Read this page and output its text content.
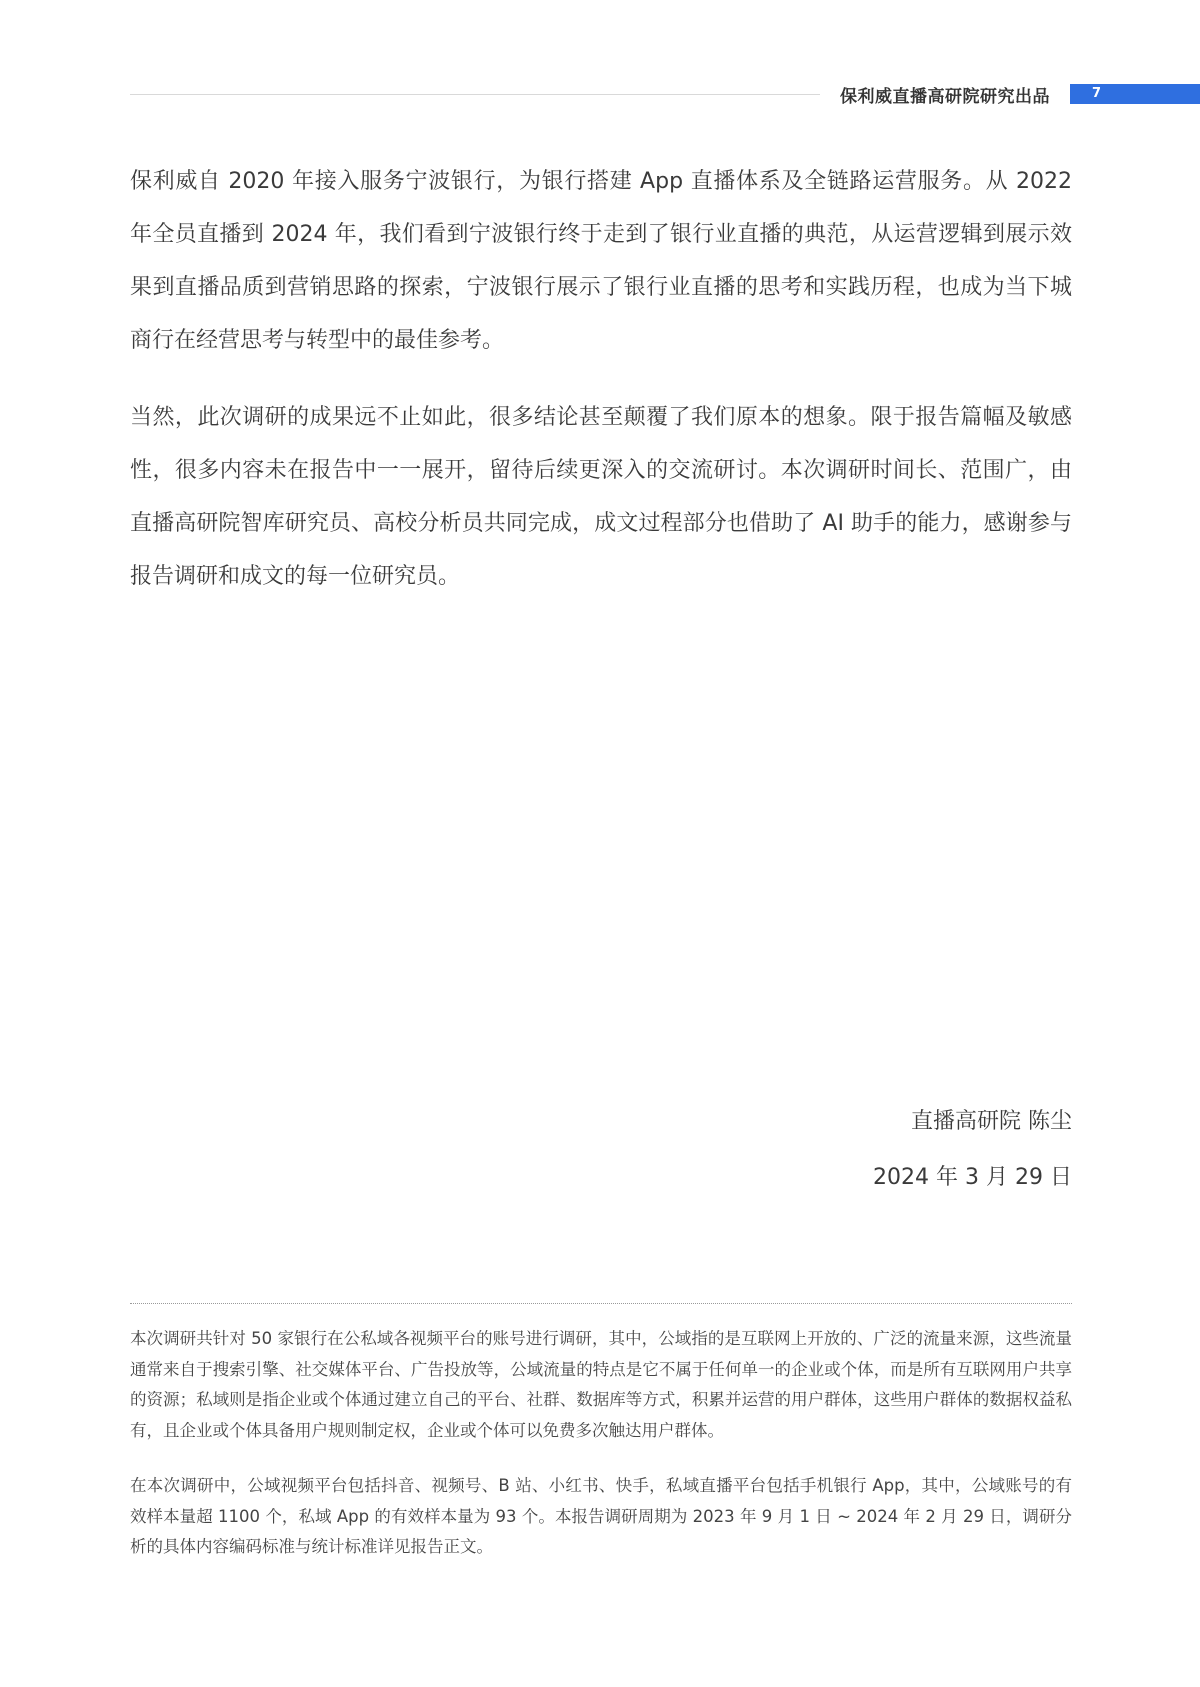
保利威直播高研院研究出品	7

保利威自 2020 年接入服务宁波银行，为银行搭建 App 直播体系及全链路运营服务。从 2022 年全员直播到 2024 年，我们看到宁波银行终于走到了银行业直播的典范，从运营逻辑到展示效果到直播品质到营销思路的探索，宁波银行展示了银行业直播的思考和实践历程，也成为当下城商行在经营思考与转型中的最佳参考。

当然，此次调研的成果远不止如此，很多结论甚至颠覆了我们原本的想象。限于报告篇幅及敏感性，很多内容未在报告中一一展开，留待后续更深入的交流研讨。本次调研时间长、范围广，由直播高研院智库研究员、高校分析员共同完成，成文过程部分也借助了 AI 助手的能力，感谢参与报告调研和成文的每一位研究员。

直播高研院 陈尘
2024 年 3 月 29 日

本次调研共针对 50 家银行在公私域各视频平台的账号进行调研，其中，公域指的是互联网上开放的、广泛的流量来源，这些流量通常来自于搜索引擎、社交媒体平台、广告投放等，公域流量的特点是它不属于任何单一的企业或个体，而是所有互联网用户共享的资源；私域则是指企业或个体通过建立自己的平台、社群、数据库等方式，积累并运营的用户群体，这些用户群体的数据权益私有，且企业或个体具备用户规则制定权，企业或个体可以免费多次触达用户群体。

在本次调研中，公域视频平台包括抖音、视频号、B 站、小红书、快手，私域直播平台包括手机银行 App，其中，公域账号的有效样本量超 1100 个，私域 App 的有效样本量为 93 个。本报告调研周期为 2023 年 9 月 1 日 ~ 2024 年 2 月 29 日，调研分析的具体内容编码标准与统计标准详见报告正文。
